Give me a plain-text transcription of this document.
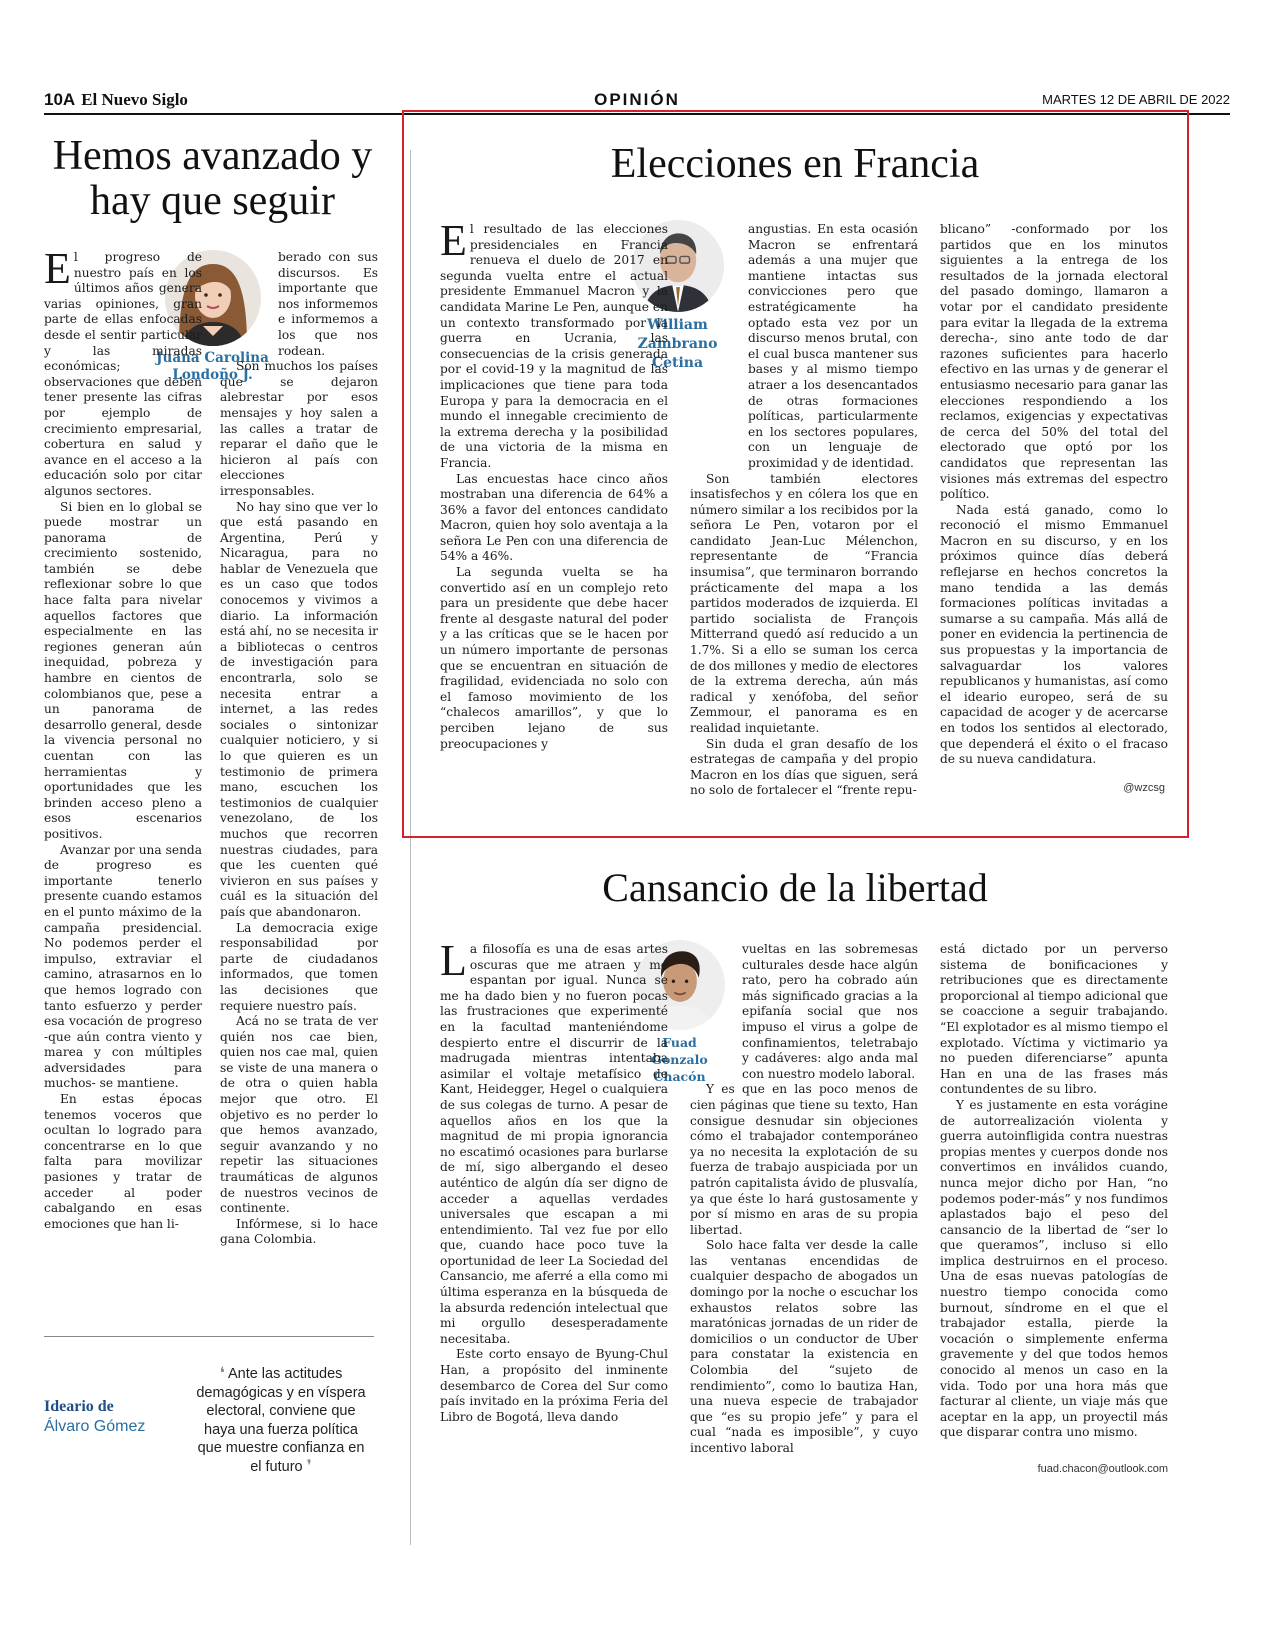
10A El Nuevo Siglo	OPINIÓN	MARTES 12 DE ABRIL DE 2022
Hemos avanzado y hay que seguir
Juana Carolina Londoño J.

El progreso de nuestro país en los últimos años genera varias opiniones, gran parte de ellas enfocadas desde el sentir particular y las miradas económicas; observaciones que deben tener presente las cifras por ejemplo de crecimiento empresarial, cobertura en salud y avance en el acceso a la educación solo por citar algunos sectores.

Si bien en lo global se puede mostrar un panorama de crecimiento sostenido, también se debe reflexionar sobre lo que hace falta para nivelar aquellos factores que especialmente en las regiones generan aún inequidad, pobreza y hambre en cientos de colombianos que, pese a un panorama de desarrollo general, desde la vivencia personal no cuentan con las herramientas y oportunidades que les brinden acceso pleno a esos escenarios positivos.

Avanzar por una senda de progreso es importante tenerlo presente cuando estamos en el punto máximo de la campaña presidencial. No podemos perder el impulso, extraviar el camino, atrasarnos en lo que hemos logrado con tanto esfuerzo y perder esa vocación de progreso -que aún contra viento y marea y con múltiples adversidades para muchos- se mantiene.

En estas épocas tenemos voceros que ocultan lo logrado para concentrarse en lo que falta para movilizar pasiones y tratar de acceder al poder cabalgando en esas emociones que han li-

berado con sus discursos. Es importante que nos informemos e informemos a los que nos rodean.

Son muchos los países que se dejaron alebrestar por esos mensajes y hoy salen a las calles a tratar de reparar el daño que le hicieron al país con elecciones irresponsables.

No hay sino que ver lo que está pasando en Argentina, Perú y Nicaragua, para no hablar de Venezuela que es un caso que todos conocemos y vivimos a diario. La información está ahí, no se necesita ir a bibliotecas o centros de investigación para encontrarla, solo se necesita entrar a internet, a las redes sociales o sintonizar cualquier noticiero, y si lo que quieren es un testimonio de primera mano, escuchen los testimonios de cualquier venezolano, de los muchos que recorren nuestras ciudades, para que les cuenten qué vivieron en sus países y cuál es la situación del país que abandonaron.

La democracia exige responsabilidad por parte de ciudadanos informados, que tomen las decisiones que requiere nuestro país.

Acá no se trata de ver quién nos cae bien, quien nos cae mal, quien se viste de una manera o de otra o quien habla mejor que otro. El objetivo es no perder lo que hemos avanzado, seguir avanzando y no repetir las situaciones traumáticas de algunos de nuestros vecinos de continente.

Infórmese, si lo hace gana Colombia.

Ideario de
Álvaro Gómez
❛ Ante las actitudes demagógicas y en víspera electoral, conviene que haya una fuerza política que muestre confianza en el futuro ❜
Elecciones en Francia
William Zambrano Cetina

El resultado de las elecciones presidenciales en Francia renueva el duelo de 2017 en segunda vuelta entre el actual presidente Emmanuel Macron y la candidata Marine Le Pen, aunque en un contexto transformado por la guerra en Ucrania, las consecuencias de la crisis generada por el covid-19 y la magnitud de las implicaciones que tiene para toda Europa y para la democracia en el mundo el innegable crecimiento de la extrema derecha y la posibilidad de una victoria de la misma en Francia.

Las encuestas hace cinco años mostraban una diferencia de 64% a 36% a favor del entonces candidato Macron, quien hoy solo aventaja a la señora Le Pen con una diferencia de 54% a 46%.

La segunda vuelta se ha convertido así en un complejo reto para un presidente que debe hacer frente al desgaste natural del poder y a las críticas que se le hacen por un número importante de personas que se encuentran en situación de fragilidad, evidenciada no solo con el famoso movimiento de los “chalecos amarillos”, y que lo perciben lejano de sus preocupaciones y

angustias. En esta ocasión Macron se enfrentará además a una mujer que mantiene intactas sus convicciones pero que estratégicamente ha optado esta vez por un discurso menos brutal, con el cual busca mantener sus bases y al mismo tiempo atraer a los desencantados de otras formaciones políticas, particularmente en los sectores populares, con un lenguaje de proximidad y de identidad.

Son también electores insatisfechos y en cólera los que en número similar a los recibidos por la señora Le Pen, votaron por el candidato Jean-Luc Mélenchon, representante de “Francia insumisa”, que terminaron borrando prácticamente del mapa a los partidos moderados de izquierda. El partido socialista de François Mitterrand quedó así reducido a un 1.7%. Si a ello se suman los cerca de dos millones y medio de electores de la extrema derecha, aún más radical y xenófoba, del señor Zemmour, el panorama es en realidad inquietante.

Sin duda el gran desafío de los estrategas de campaña y del propio Macron en los días que siguen, será no solo de fortalecer el “frente repu-

blicano” -conformado por los partidos que en los minutos siguientes a la entrega de los resultados de la jornada electoral del pasado domingo, llamaron a votar por el candidato presidente para evitar la llegada de la extrema derecha-, sino ante todo de dar razones suficientes para hacerlo efectivo en las urnas y de generar el entusiasmo necesario para ganar las elecciones respondiendo a los reclamos, exigencias y expectativas de cerca del 50% del total del electorado que optó por los candidatos que representan las visiones más extremas del espectro político.

Nada está ganado, como lo reconoció el mismo Emmanuel Macron en su discurso, y en los próximos quince días deberá reflejarse en hechos concretos la mano tendida a las demás formaciones políticas invitadas a sumarse a su campaña. Más allá de poner en evidencia la pertinencia de sus propuestas y la importancia de salvaguardar los valores republicanos y humanistas, así como el ideario europeo, será de su capacidad de acoger y de acercarse en todos los sentidos al electorado, que dependerá el éxito o el fracaso de su nueva candidatura.

@wzcsg
Cansancio de la libertad
Fuad Gonzalo Chacón

La filosofía es una de esas artes oscuras que me atraen y me espantan por igual. Nunca se me ha dado bien y no fueron pocas las frustraciones que experimenté en la facultad manteniéndome despierto entre el discurrir de la madrugada mientras intentaba asimilar el voltaje metafísico de Kant, Heidegger, Hegel o cualquiera de sus colegas de turno. A pesar de aquellos años en los que la magnitud de mi propia ignorancia no escatimó ocasiones para burlarse de mí, sigo albergando el deseo auténtico de algún día ser digno de acceder a aquellas verdades universales que escapan a mi entendimiento. Tal vez fue por ello que, cuando hace poco tuve la oportunidad de leer La Sociedad del Cansancio, me aferré a ella como mi última esperanza en la búsqueda de la absurda redención intelectual que mi orgullo desesperadamente necesitaba.

Este corto ensayo de Byung-Chul Han, a propósito del inminente desembarco de Corea del Sur como país invitado en la próxima Feria del Libro de Bogotá, lleva dando

vueltas en las sobremesas culturales desde hace algún rato, pero ha cobrado aún más significado gracias a la epifanía social que nos impuso el virus a golpe de confinamientos, teletrabajo y cadáveres: algo anda mal con nuestro modelo laboral.

Y es que en las poco menos de cien páginas que tiene su texto, Han consigue desnudar sin objeciones cómo el trabajador contemporáneo ya no necesita la explotación de su fuerza de trabajo auspiciada por un patrón capitalista ávido de plusvalía, ya que éste lo hará gustosamente y por sí mismo en aras de su propia libertad.

Solo hace falta ver desde la calle las ventanas encendidas de cualquier despacho de abogados un domingo por la noche o escuchar los exhaustos relatos sobre las maratónicas jornadas de un rider de domicilios o un conductor de Uber para constatar la existencia en Colombia del “sujeto de rendimiento”, como lo bautiza Han, una nueva especie de trabajador que “es su propio jefe” y para el cual “nada es imposible”, y cuyo incentivo laboral

está dictado por un perverso sistema de bonificaciones y retribuciones que es directamente proporcional al tiempo adicional que se coaccione a seguir trabajando. “El explotador es al mismo tiempo el explotado. Víctima y victimario ya no pueden diferenciarse” apunta Han en una de las frases más contundentes de su libro.

Y es justamente en esta vorágine de autorrealización violenta y guerra autoinfligida contra nuestras propias mentes y cuerpos donde nos convertimos en inválidos cuando, nunca mejor dicho por Han, “no podemos poder-más” y nos fundimos aplastados bajo el peso del cansancio de la libertad de “ser lo que queramos”, incluso si ello implica destruirnos en el proceso. Una de esas nuevas patologías de nuestro tiempo conocida como burnout, síndrome en el que el trabajador estalla, pierde la vocación o simplemente enferma gravemente y del que todos hemos conocido al menos un caso en la vida. Todo por una hora más que facturar al cliente, un viaje más que aceptar en la app, un proyectil más que disparar contra uno mismo.

fuad.chacon@outlook.com
